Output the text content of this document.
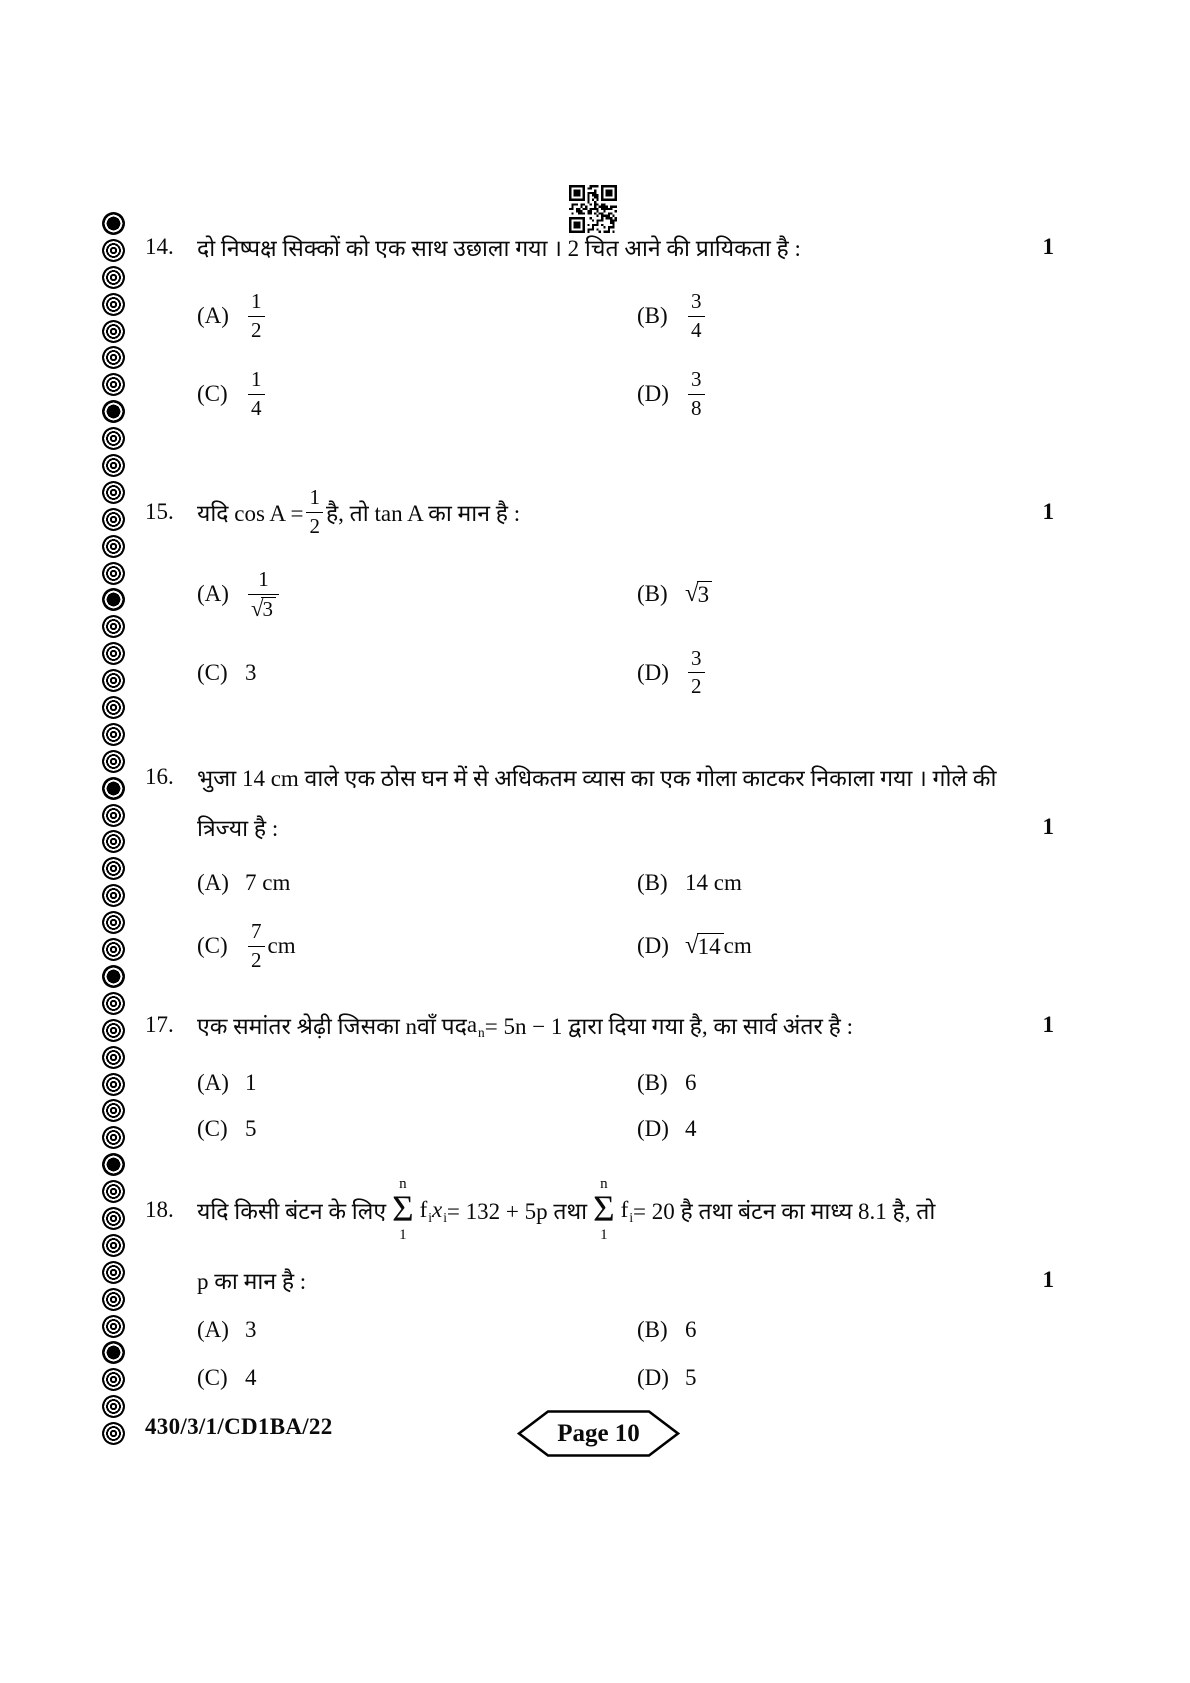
14.	दो निष्पक्ष सिक्कों को एक साथ उछाला गया । 2 चित आने की प्रायिकता है :	1
$(A) \frac{1}{2}$	$(B) \frac{3}{4}$
$(C) \frac{1}{4}$	$(D) \frac{3}{8}$
15.	यदि $\cos A = \frac{1}{2}$ है, तो tan A का मान है :	1
$(A) \frac{1}{√ 3}$	(B) √ 3
(C) 3	$(D) \frac{3}{2}$
16.	भुजा 14 cm वाले एक ठोस घन में से अधिकतम व्यास का एक गोला काटकर निकाला गया । गोले की
त्रिज्या है :	1
(A) 7 cm	(B) 14 cm
$(C) \frac{7}{2}$ cm	(D) √ 14 cm
17.	एक समांतर श्रेढ़ी जिसका nवाँ पद $a_n = 5n - 1$ द्वारा दिया गया है, का सार्व अंतर है :	1
(A) 1	(B) 6
(C) 5	(D) 4
18.	यदि किसी बंटन के लिए
n
Σ
1
$f_i$ $x_i = 132 + 5p$ तथा
n
Σ
1
$f_i = 20$ है तथा बंटन का माध्य 8.1 है, तो
p का मान है :	1
(A) 3	(B) 6
(C) 4	(D) 5
430/3/1/CD1BA/22	Page 10
